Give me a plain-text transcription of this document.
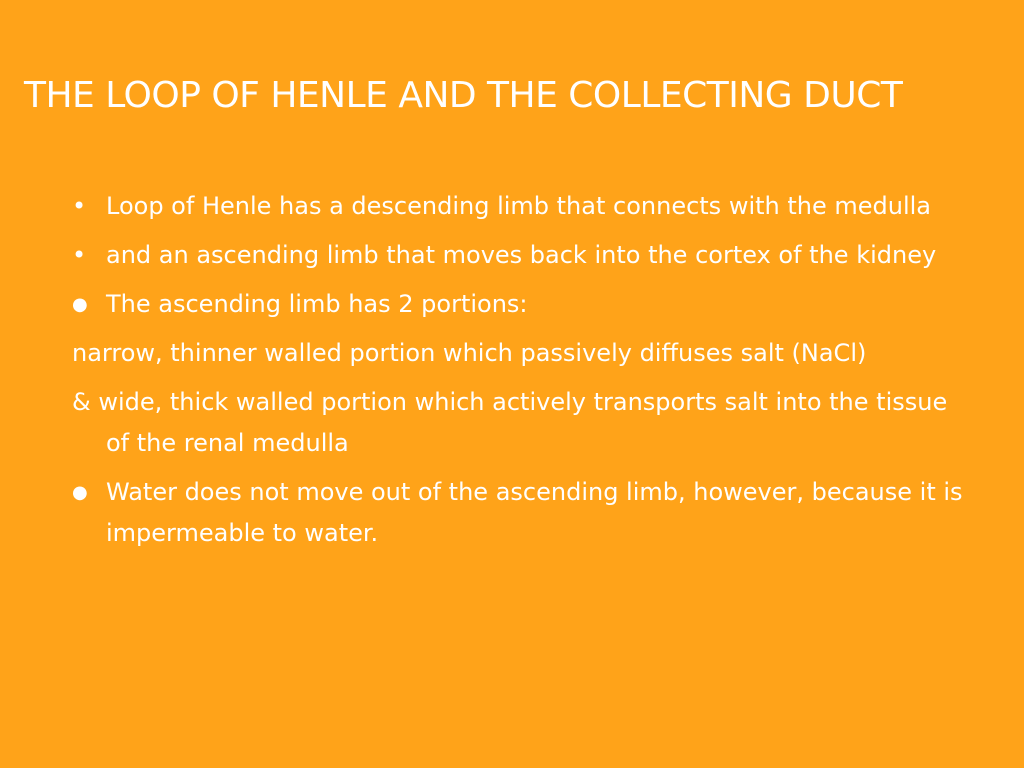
THE LOOP OF HENLE AND THE COLLECTING DUCT
• Loop of Henle has a descending limb that connects with the medulla
• and an ascending limb that moves back into the cortex of the kidney
● The ascending limb has 2 portions:
narrow, thinner walled portion which passively diffuses salt (NaCl)
& wide, thick walled portion which actively transports salt into the tissue of the renal medulla
● Water does not move out of the ascending limb, however, because it is impermeable to water.
